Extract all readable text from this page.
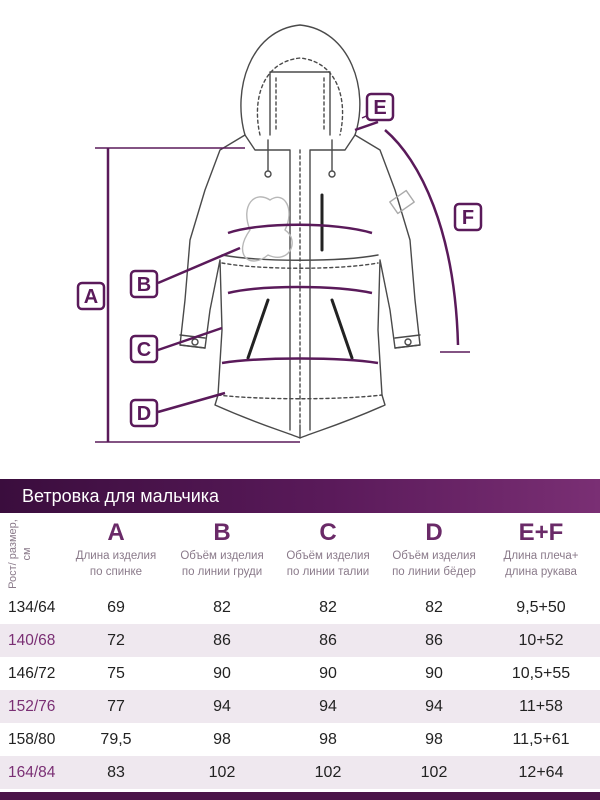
A
B
C
D
E
F
Ветровка для мальчика
Рост/ размер, см
A
Длина изделия
по спинке
B
Объём изделия
по линии груди
C
Объём изделия
по линии талии
D
Объём изделия
по линии бёдер
E+F
Длина плеча+
длина рукава
134/64	69	82	82	82	9,5+50
140/68	72	86	86	86	10+52
146/72	75	90	90	90	10,5+55
152/76	77	94	94	94	11+58
158/80	79,5	98	98	98	11,5+61
164/84	83	102	102	102	12+64
